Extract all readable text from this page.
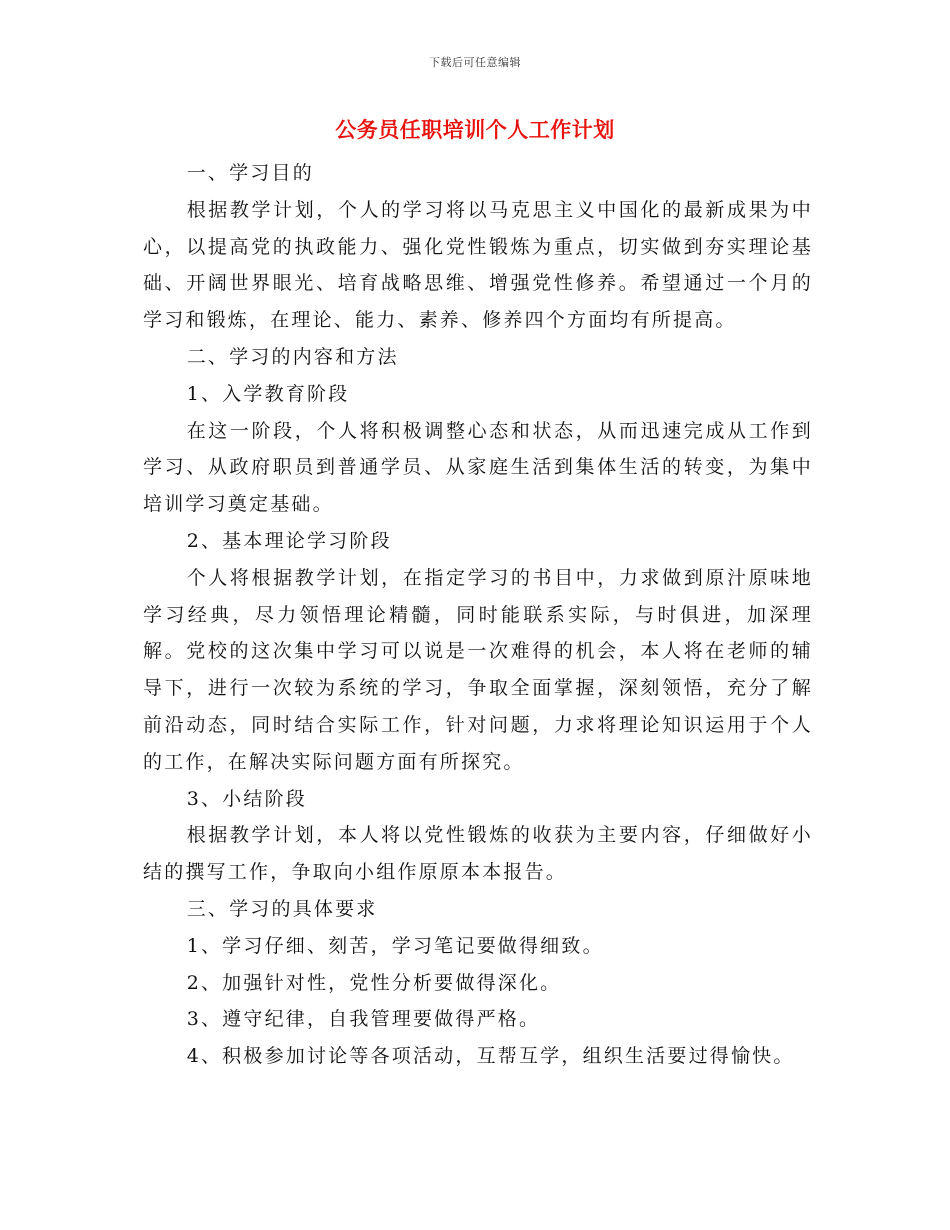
下载后可任意编辑
公务员任职培训个人工作计划

一、学习目的

根据教学计划，个人的学习将以马克思主义中国化的最新成果为中心，以提高党的执政能力、强化党性锻炼为重点，切实做到夯实理论基础、开阔世界眼光、培育战略思维、增强党性修养。希望通过一个月的学习和锻炼，在理论、能力、素养、修养四个方面均有所提高。

二、学习的内容和方法

1、入学教育阶段

在这一阶段，个人将积极调整心态和状态，从而迅速完成从工作到学习、从政府职员到普通学员、从家庭生活到集体生活的转变，为集中培训学习奠定基础。

2、基本理论学习阶段

个人将根据教学计划，在指定学习的书目中，力求做到原汁原味地学习经典，尽力领悟理论精髓，同时能联系实际，与时俱进，加深理解。党校的这次集中学习可以说是一次难得的机会，本人将在老师的辅导下，进行一次较为系统的学习，争取全面掌握，深刻领悟，充分了解前沿动态，同时结合实际工作，针对问题，力求将理论知识运用于个人的工作，在解决实际问题方面有所探究。

3、小结阶段

根据教学计划，本人将以党性锻炼的收获为主要内容，仔细做好小结的撰写工作，争取向小组作原原本本报告。

三、学习的具体要求

1、学习仔细、刻苦，学习笔记要做得细致。

2、加强针对性，党性分析要做得深化。

3、遵守纪律，自我管理要做得严格。

4、积极参加讨论等各项活动，互帮互学，组织生活要过得愉快。
